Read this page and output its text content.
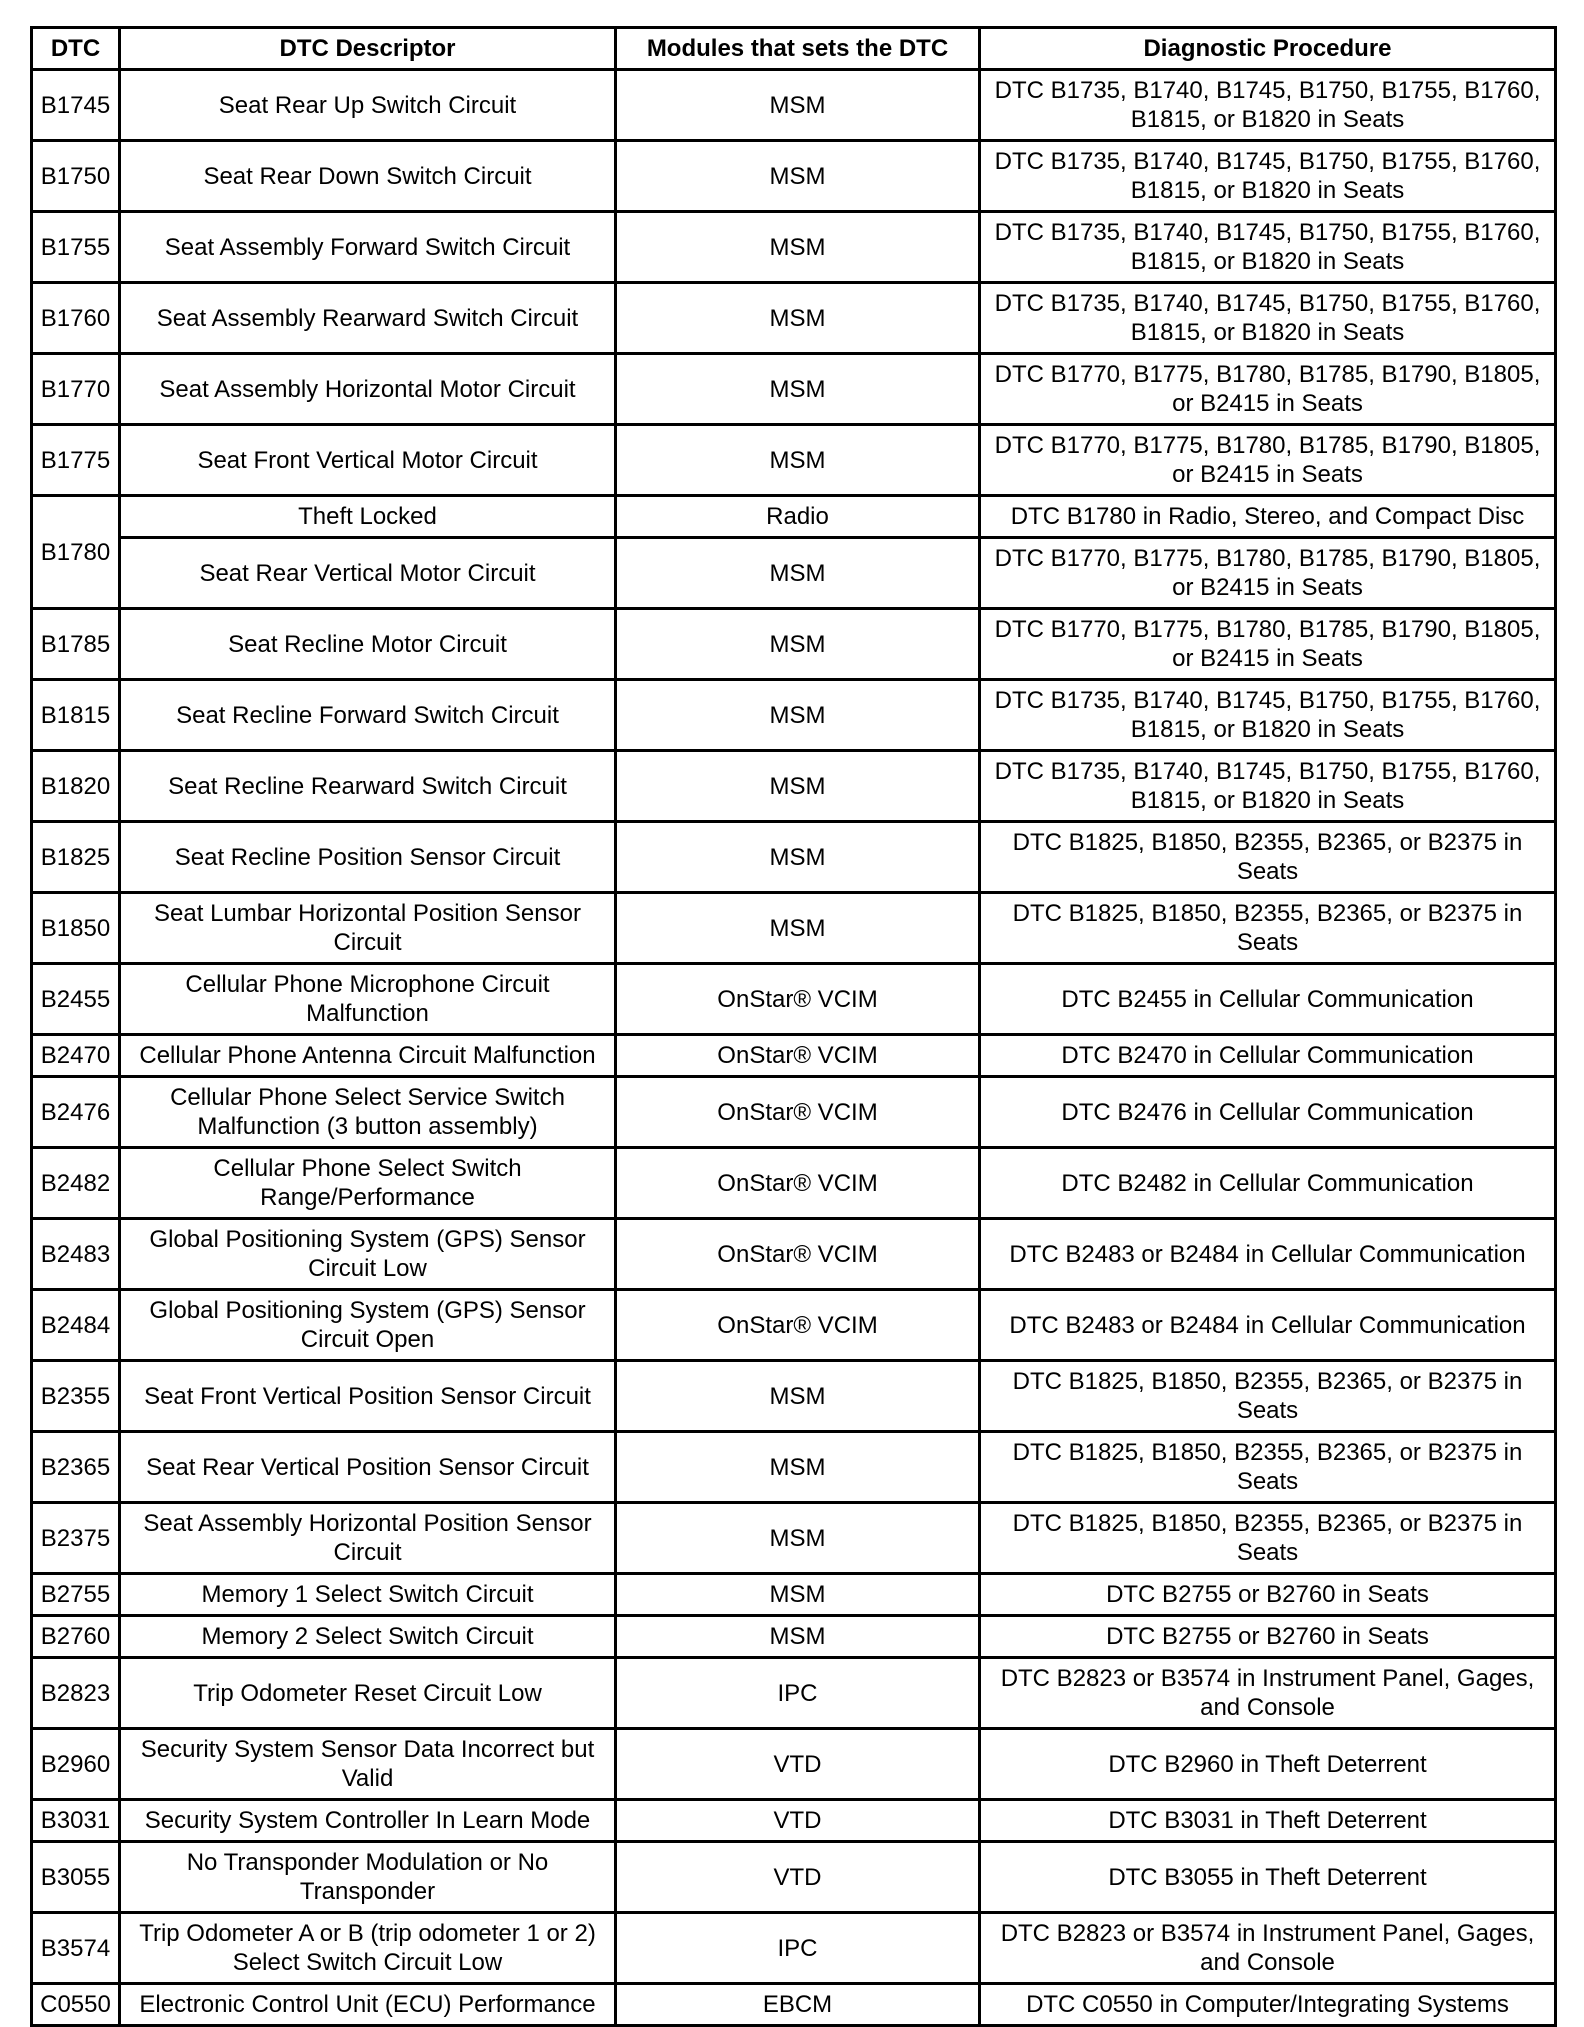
DTC	DTC Descriptor	Modules that sets the DTC	Diagnostic Procedure
B1745	Seat Rear Up Switch Circuit	MSM	DTC B1735, B1740, B1745, B1750, B1755, B1760, B1815, or B1820 in Seats
B1750	Seat Rear Down Switch Circuit	MSM	DTC B1735, B1740, B1745, B1750, B1755, B1760, B1815, or B1820 in Seats
B1755	Seat Assembly Forward Switch Circuit	MSM	DTC B1735, B1740, B1745, B1750, B1755, B1760, B1815, or B1820 in Seats
B1760	Seat Assembly Rearward Switch Circuit	MSM	DTC B1735, B1740, B1745, B1750, B1755, B1760, B1815, or B1820 in Seats
B1770	Seat Assembly Horizontal Motor Circuit	MSM	DTC B1770, B1775, B1780, B1785, B1790, B1805, or B2415 in Seats
B1775	Seat Front Vertical Motor Circuit	MSM	DTC B1770, B1775, B1780, B1785, B1790, B1805, or B2415 in Seats
B1780	Theft Locked	Radio	DTC B1780 in Radio, Stereo, and Compact Disc
	Seat Rear Vertical Motor Circuit	MSM	DTC B1770, B1775, B1780, B1785, B1790, B1805, or B2415 in Seats
B1785	Seat Recline Motor Circuit	MSM	DTC B1770, B1775, B1780, B1785, B1790, B1805, or B2415 in Seats
B1815	Seat Recline Forward Switch Circuit	MSM	DTC B1735, B1740, B1745, B1750, B1755, B1760, B1815, or B1820 in Seats
B1820	Seat Recline Rearward Switch Circuit	MSM	DTC B1735, B1740, B1745, B1750, B1755, B1760, B1815, or B1820 in Seats
B1825	Seat Recline Position Sensor Circuit	MSM	DTC B1825, B1850, B2355, B2365, or B2375 in Seats
B1850	Seat Lumbar Horizontal Position Sensor Circuit	MSM	DTC B1825, B1850, B2355, B2365, or B2375 in Seats
B2455	Cellular Phone Microphone Circuit Malfunction	OnStar® VCIM	DTC B2455 in Cellular Communication
B2470	Cellular Phone Antenna Circuit Malfunction	OnStar® VCIM	DTC B2470 in Cellular Communication
B2476	Cellular Phone Select Service Switch Malfunction (3 button assembly)	OnStar® VCIM	DTC B2476 in Cellular Communication
B2482	Cellular Phone Select Switch Range/Performance	OnStar® VCIM	DTC B2482 in Cellular Communication
B2483	Global Positioning System (GPS) Sensor Circuit Low	OnStar® VCIM	DTC B2483 or B2484 in Cellular Communication
B2484	Global Positioning System (GPS) Sensor Circuit Open	OnStar® VCIM	DTC B2483 or B2484 in Cellular Communication
B2355	Seat Front Vertical Position Sensor Circuit	MSM	DTC B1825, B1850, B2355, B2365, or B2375 in Seats
B2365	Seat Rear Vertical Position Sensor Circuit	MSM	DTC B1825, B1850, B2355, B2365, or B2375 in Seats
B2375	Seat Assembly Horizontal Position Sensor Circuit	MSM	DTC B1825, B1850, B2355, B2365, or B2375 in Seats
B2755	Memory 1 Select Switch Circuit	MSM	DTC B2755 or B2760 in Seats
B2760	Memory 2 Select Switch Circuit	MSM	DTC B2755 or B2760 in Seats
B2823	Trip Odometer Reset Circuit Low	IPC	DTC B2823 or B3574 in Instrument Panel, Gages, and Console
B2960	Security System Sensor Data Incorrect but Valid	VTD	DTC B2960 in Theft Deterrent
B3031	Security System Controller In Learn Mode	VTD	DTC B3031 in Theft Deterrent
B3055	No Transponder Modulation or No Transponder	VTD	DTC B3055 in Theft Deterrent
B3574	Trip Odometer A or B (trip odometer 1 or 2) Select Switch Circuit Low	IPC	DTC B2823 or B3574 in Instrument Panel, Gages, and Console
C0550	Electronic Control Unit (ECU) Performance	EBCM	DTC C0550 in Computer/Integrating Systems
